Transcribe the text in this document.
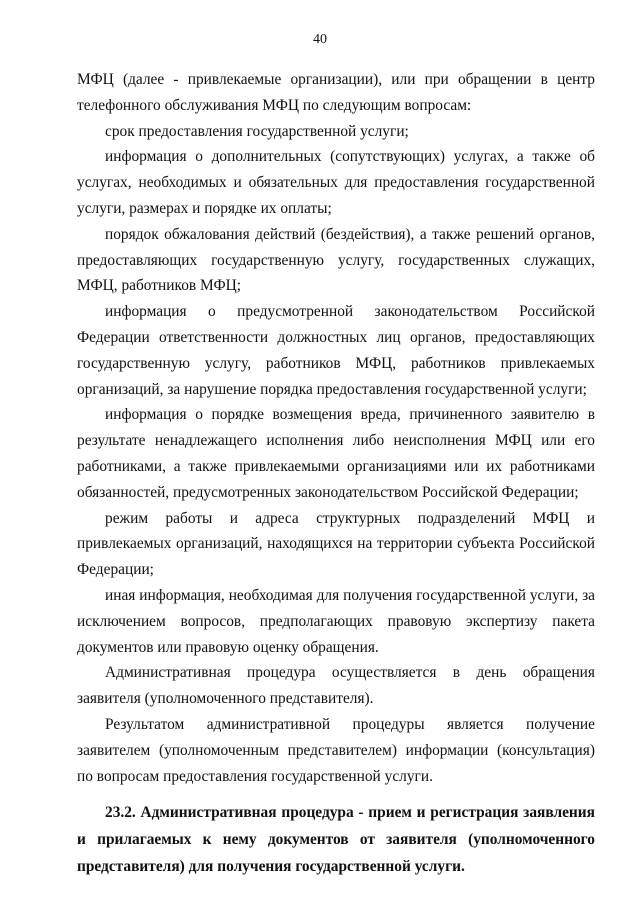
40

МФЦ (далее - привлекаемые организации), или при обращении в центр телефонного обслуживания МФЦ по следующим вопросам:

срок предоставления государственной услуги;

информация о дополнительных (сопутствующих) услугах, а также об услугах, необходимых и обязательных для предоставления государственной услуги, размерах и порядке их оплаты;

порядок обжалования действий (бездействия), а также решений органов, предоставляющих государственную услугу, государственных служащих, МФЦ, работников МФЦ;

информация о предусмотренной законодательством Российской Федерации ответственности должностных лиц органов, предоставляющих государственную услугу, работников МФЦ, работников привлекаемых организаций, за нарушение порядка предоставления государственной услуги;

информация о порядке возмещения вреда, причиненного заявителю в результате ненадлежащего исполнения либо неисполнения МФЦ или его работниками, а также привлекаемыми организациями или их работниками обязанностей, предусмотренных законодательством Российской Федерации;

режим работы и адреса структурных подразделений МФЦ и привлекаемых организаций, находящихся на территории субъекта Российской Федерации;

иная информация, необходимая для получения государственной услуги, за исключением вопросов, предполагающих правовую экспертизу пакета документов или правовую оценку обращения.

Административная процедура осуществляется в день обращения заявителя (уполномоченного представителя).

Результатом административной процедуры является получение заявителем (уполномоченным представителем) информации (консультация) по вопросам предоставления государственной услуги.

23.2. Административная процедура - прием и регистрация заявления и прилагаемых к нему документов от заявителя (уполномоченного представителя) для получения государственной услуги.
